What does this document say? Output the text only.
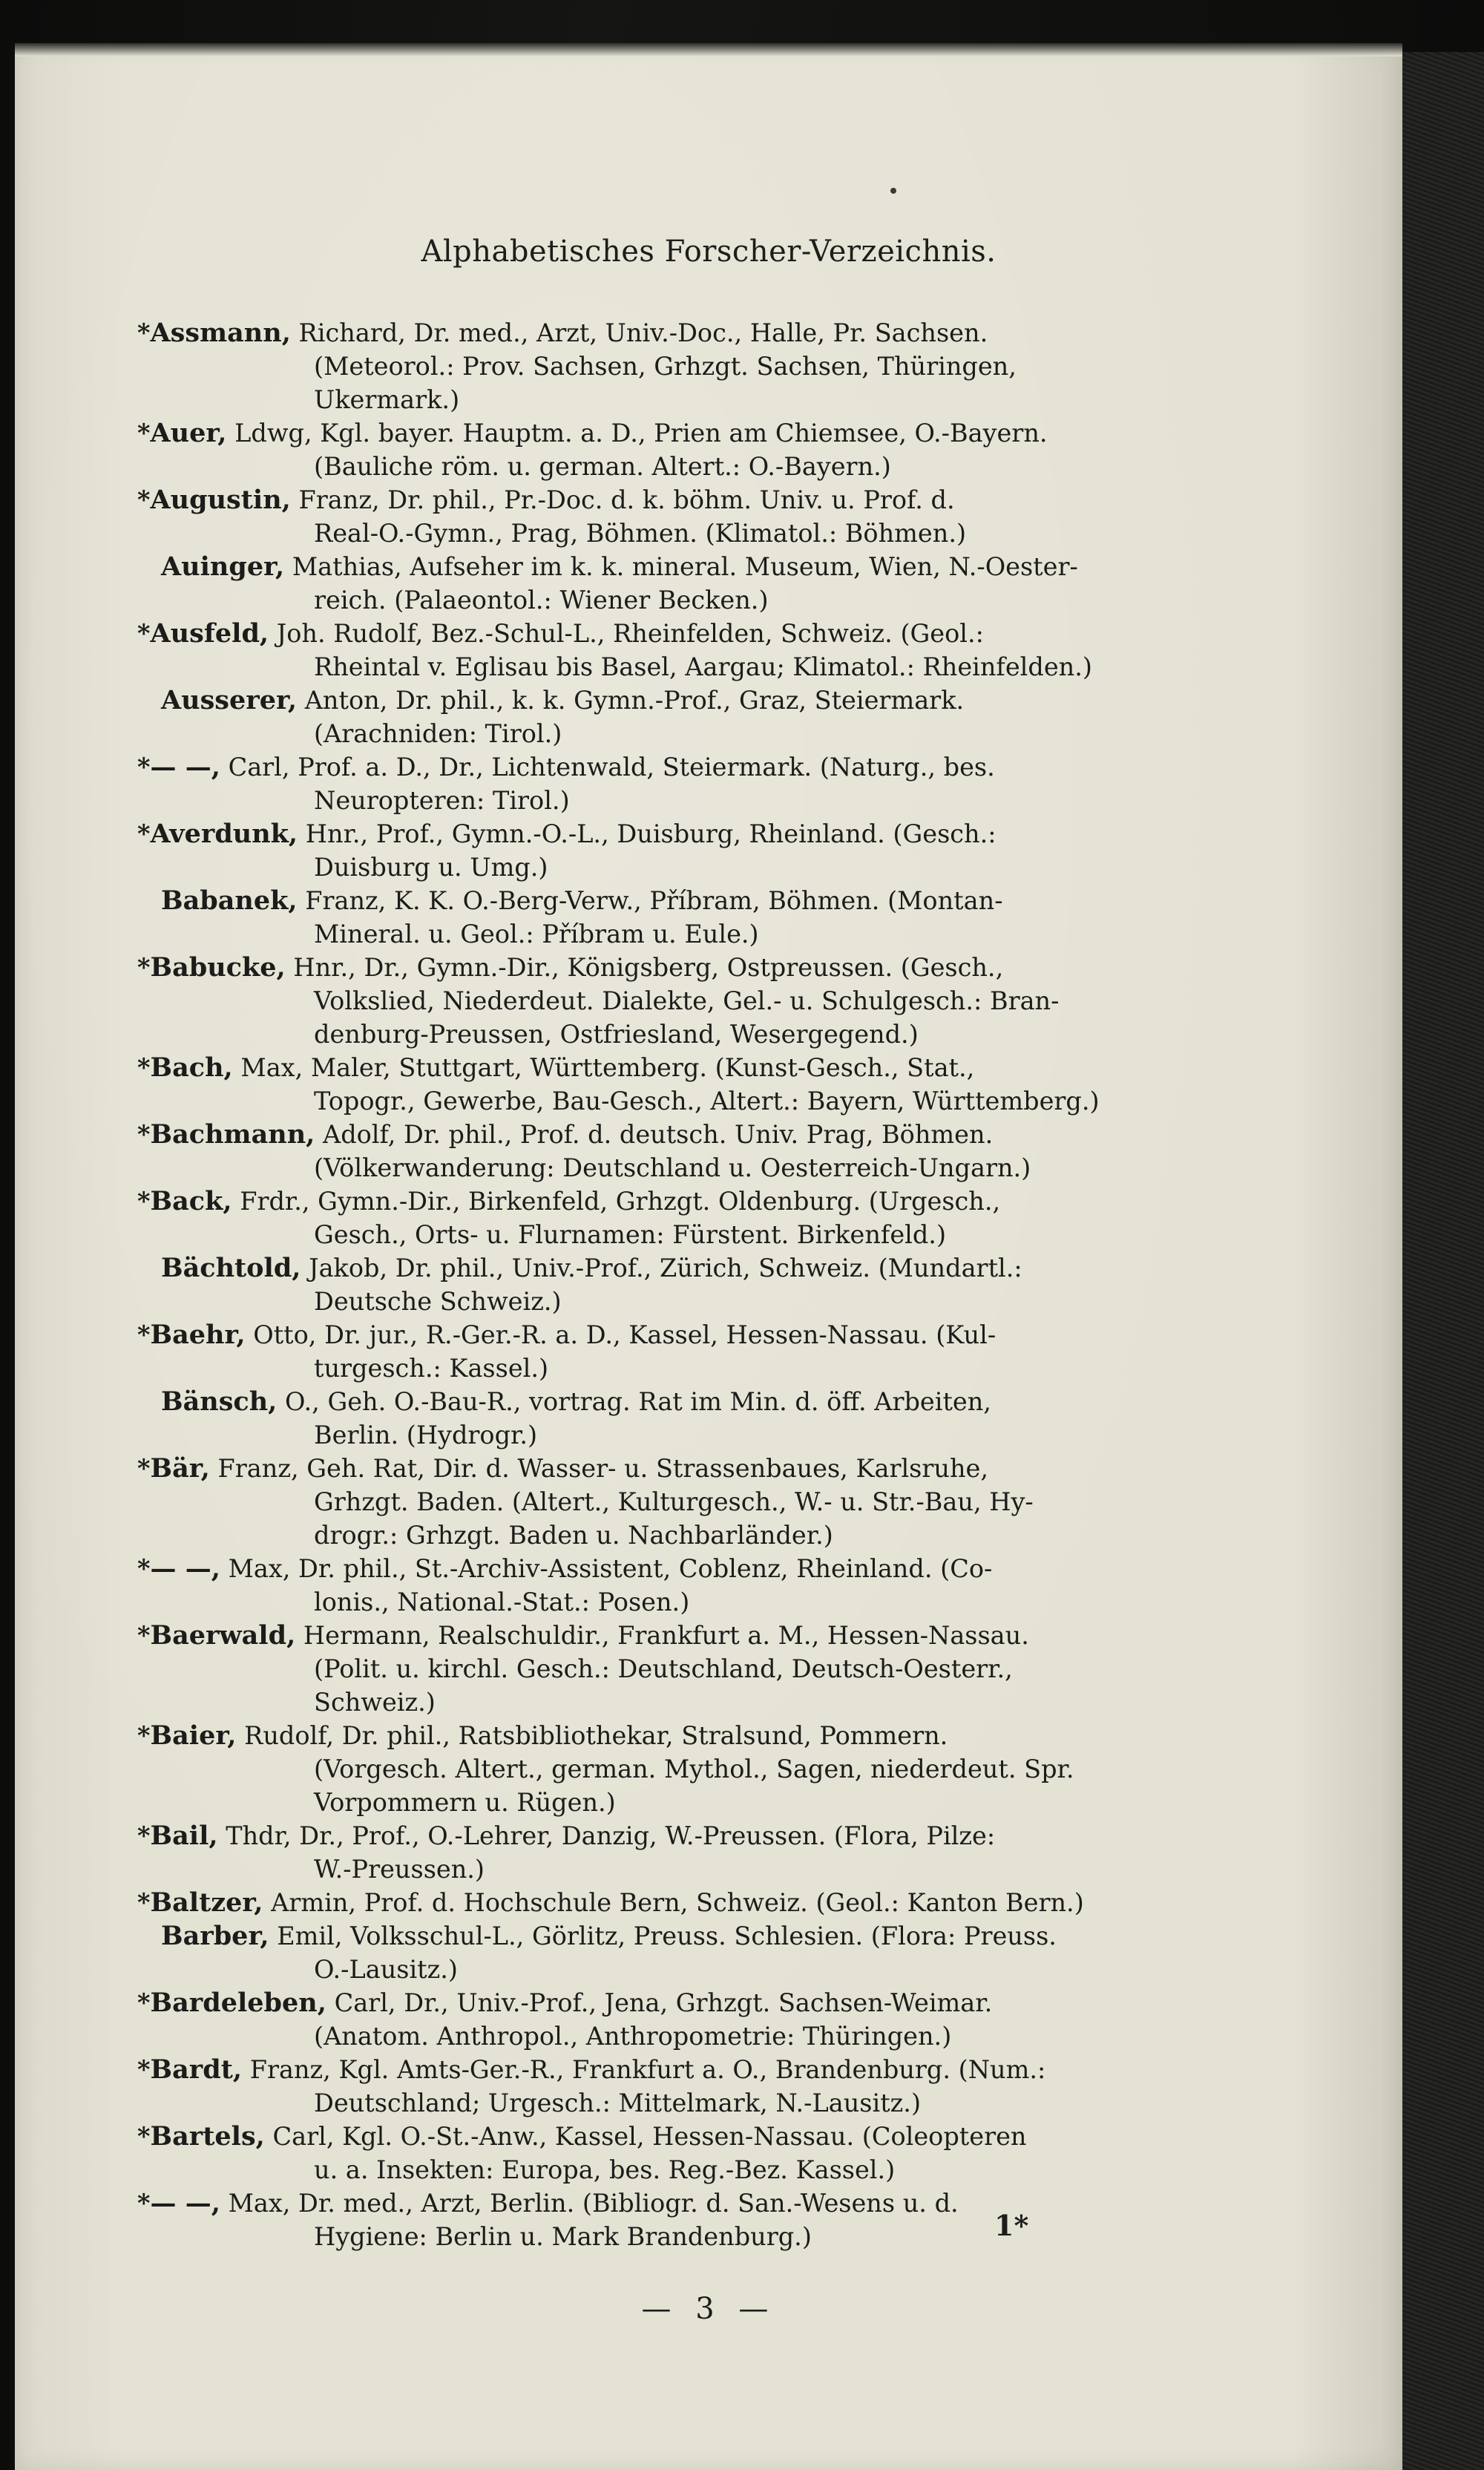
Alphabetisches Forscher-Verzeichnis.
*Assmann, Richard, Dr. med., Arzt, Univ.-Doc., Halle, Pr. Sachsen.
(Meteorol.: Prov. Sachsen, Grhzgt. Sachsen, Thüringen,
Ukermark.)
*Auer, Ldwg, Kgl. bayer. Hauptm. a. D., Prien am Chiemsee, O.-Bayern.
(Bauliche röm. u. german. Altert.: O.-Bayern.)
*Augustin, Franz, Dr. phil., Pr.-Doc. d. k. böhm. Univ. u. Prof. d.
Real-O.-Gymn., Prag, Böhmen. (Klimatol.: Böhmen.)
Auinger, Mathias, Aufseher im k. k. mineral. Museum, Wien, N.-Oester-
reich. (Palaeontol.: Wiener Becken.)
*Ausfeld, Joh. Rudolf, Bez.-Schul-L., Rheinfelden, Schweiz. (Geol.:
Rheintal v. Eglisau bis Basel, Aargau; Klimatol.: Rheinfelden.)
Ausserer, Anton, Dr. phil., k. k. Gymn.-Prof., Graz, Steiermark.
(Arachniden: Tirol.)
*— —, Carl, Prof. a. D., Dr., Lichtenwald, Steiermark. (Naturg., bes.
Neuropteren: Tirol.)
*Averdunk, Hnr., Prof., Gymn.-O.-L., Duisburg, Rheinland. (Gesch.:
Duisburg u. Umg.)
Babanek, Franz, K. K. O.-Berg-Verw., Příbram, Böhmen. (Montan-
Mineral. u. Geol.: Příbram u. Eule.)
*Babucke, Hnr., Dr., Gymn.-Dir., Königsberg, Ostpreussen. (Gesch.,
Volkslied, Niederdeut. Dialekte, Gel.- u. Schulgesch.: Bran-
denburg-Preussen, Ostfriesland, Wesergegend.)
*Bach, Max, Maler, Stuttgart, Württemberg. (Kunst-Gesch., Stat.,
Topogr., Gewerbe, Bau-Gesch., Altert.: Bayern, Württemberg.)
*Bachmann, Adolf, Dr. phil., Prof. d. deutsch. Univ. Prag, Böhmen.
(Völkerwanderung: Deutschland u. Oesterreich-Ungarn.)
*Back, Frdr., Gymn.-Dir., Birkenfeld, Grhzgt. Oldenburg. (Urgesch.,
Gesch., Orts- u. Flurnamen: Fürstent. Birkenfeld.)
Bächtold, Jakob, Dr. phil., Univ.-Prof., Zürich, Schweiz. (Mundartl.:
Deutsche Schweiz.)
*Baehr, Otto, Dr. jur., R.-Ger.-R. a. D., Kassel, Hessen-Nassau. (Kul-
turgesch.: Kassel.)
Bänsch, O., Geh. O.-Bau-R., vortrag. Rat im Min. d. öff. Arbeiten,
Berlin. (Hydrogr.)
*Bär, Franz, Geh. Rat, Dir. d. Wasser- u. Strassenbaues, Karlsruhe,
Grhzgt. Baden. (Altert., Kulturgesch., W.- u. Str.-Bau, Hy-
drogr.: Grhzgt. Baden u. Nachbarländer.)
*— —, Max, Dr. phil., St.-Archiv-Assistent, Coblenz, Rheinland. (Co-
lonis., National.-Stat.: Posen.)
*Baerwald, Hermann, Realschuldir., Frankfurt a. M., Hessen-Nassau.
(Polit. u. kirchl. Gesch.: Deutschland, Deutsch-Oesterr.,
Schweiz.)
*Baier, Rudolf, Dr. phil., Ratsbibliothekar, Stralsund, Pommern.
(Vorgesch. Altert., german. Mythol., Sagen, niederdeut. Spr.
Vorpommern u. Rügen.)
*Bail, Thdr, Dr., Prof., O.-Lehrer, Danzig, W.-Preussen. (Flora, Pilze:
W.-Preussen.)
*Baltzer, Armin, Prof. d. Hochschule Bern, Schweiz. (Geol.: Kanton Bern.)
Barber, Emil, Volksschul-L., Görlitz, Preuss. Schlesien. (Flora: Preuss.
O.-Lausitz.)
*Bardeleben, Carl, Dr., Univ.-Prof., Jena, Grhzgt. Sachsen-Weimar.
(Anatom. Anthropol., Anthropometrie: Thüringen.)
*Bardt, Franz, Kgl. Amts-Ger.-R., Frankfurt a. O., Brandenburg. (Num.:
Deutschland; Urgesch.: Mittelmark, N.-Lausitz.)
*Bartels, Carl, Kgl. O.-St.-Anw., Kassel, Hessen-Nassau. (Coleopteren
u. a. Insekten: Europa, bes. Reg.-Bez. Kassel.)
*— —, Max, Dr. med., Arzt, Berlin. (Bibliogr. d. San.-Wesens u. d.
Hygiene: Berlin u. Mark Brandenburg.)	1*
— 3 —
